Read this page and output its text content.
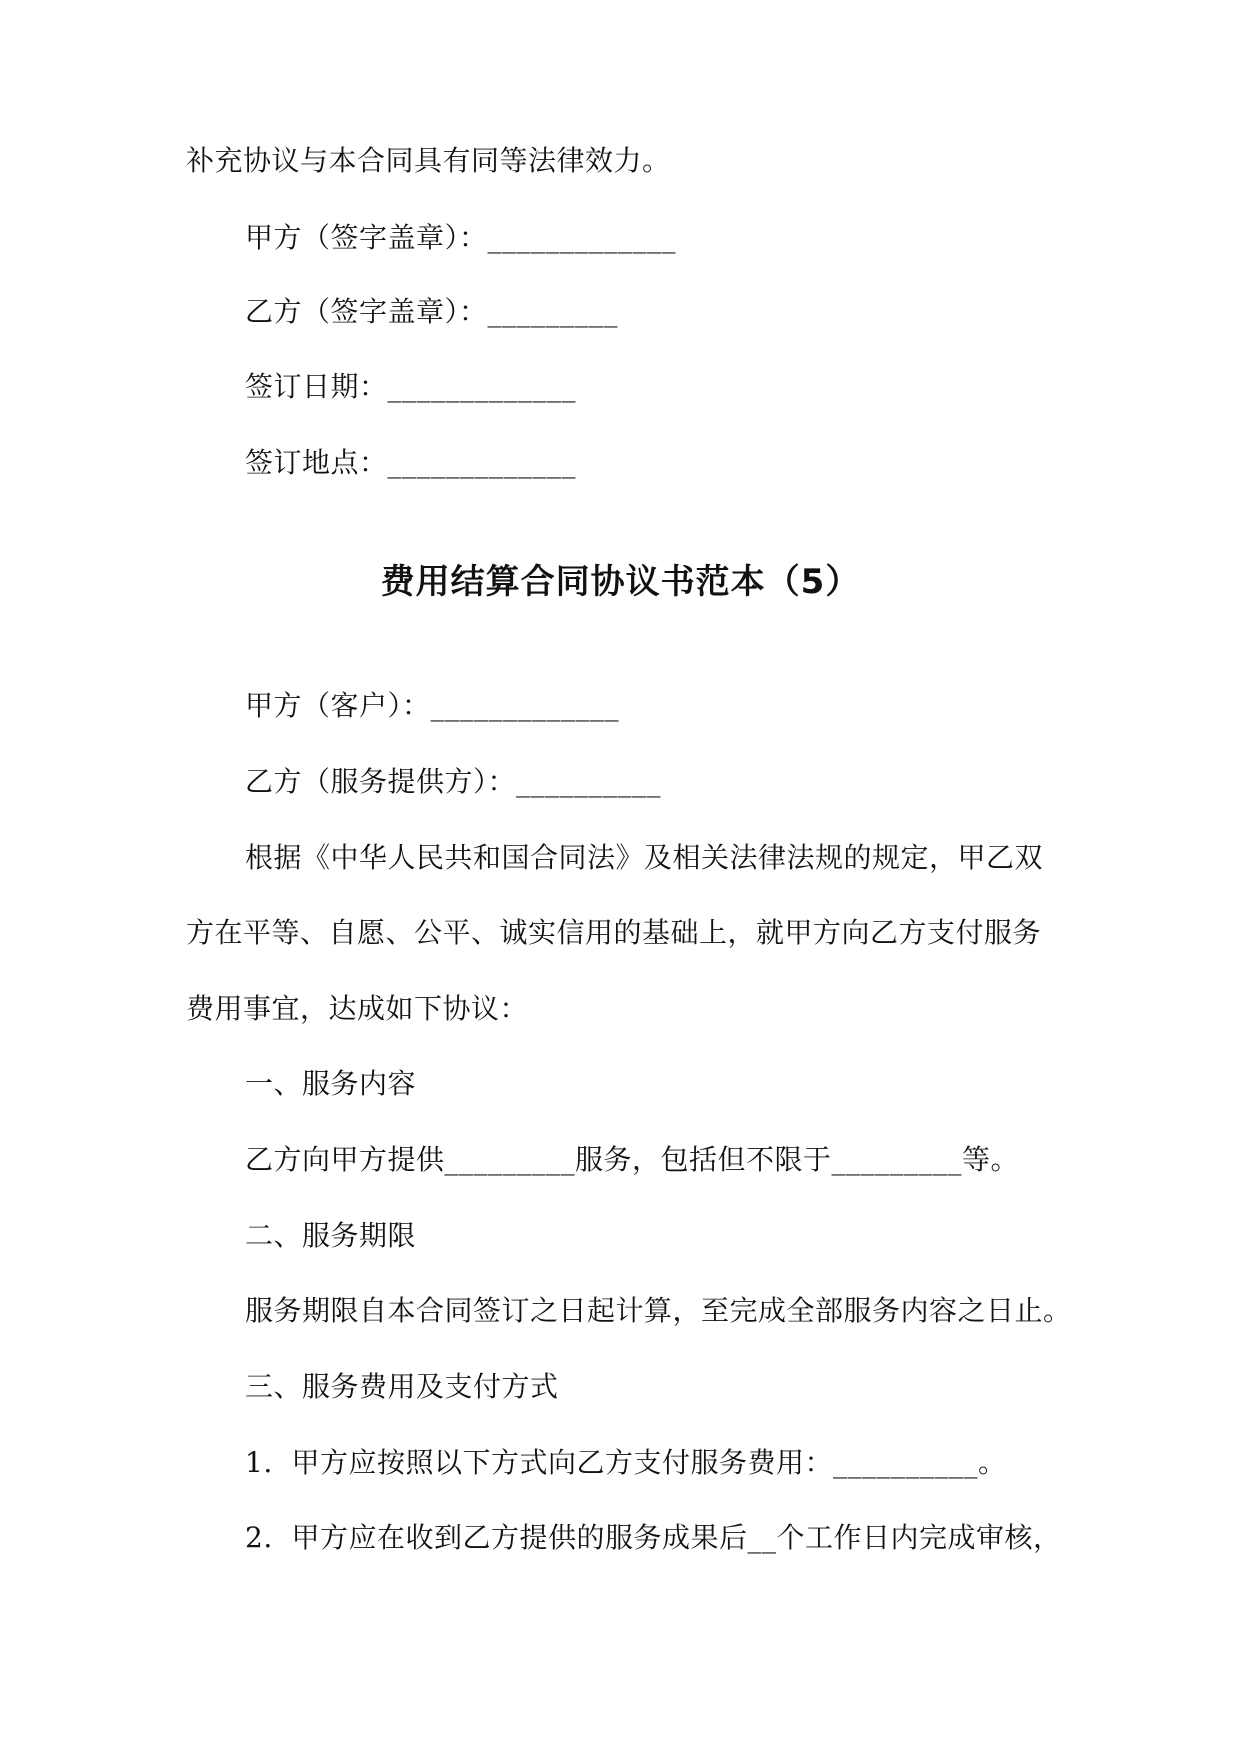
补充协议与本合同具有同等法律效力。
甲方（签字盖章）：_____________
乙方（签字盖章）：_________
签订日期：_____________
签订地点：_____________
费用结算合同协议书范本（5）
甲方（客户）：_____________
乙方（服务提供方）：__________
根据《中华人民共和国合同法》及相关法律法规的规定，甲乙双
方在平等、自愿、公平、诚实信用的基础上，就甲方向乙方支付服务
费用事宜，达成如下协议：
一、服务内容
乙方向甲方提供_________服务，包括但不限于_________等。
二、服务期限
服务期限自本合同签订之日起计算，至完成全部服务内容之日止。
三、服务费用及支付方式
1.  甲方应按照以下方式向乙方支付服务费用：__________。
2.  甲方应在收到乙方提供的服务成果后__个工作日内完成审核，
